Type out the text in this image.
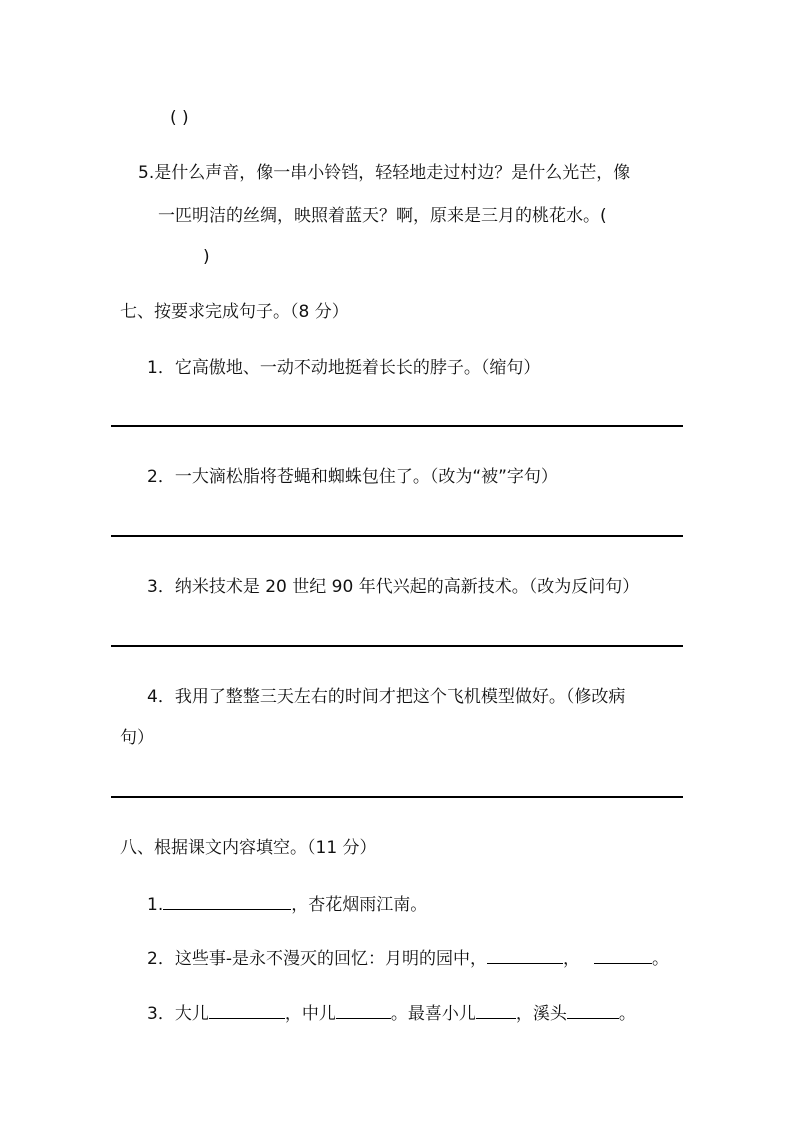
( )
5.是什么声音，像一串小铃铛，轻轻地走过村边？是什么光芒，像
一匹明洁的丝绸，映照着蓝天？啊，原来是三月的桃花水。(
)
七、按要求完成句子。（8 分）
1．它高傲地、一动不动地挺着长长的脖子。（缩句）
2．一大滴松脂将苍蝇和蜘蛛包住了。（改为“被”字句）
3．纳米技术是 20 世纪 90 年代兴起的高新技术。（改为反问句）
4．我用了整整三天左右的时间才把这个飞机模型做好。（修改病
句）
八、根据课文内容填空。（11 分）
1.	，杏花烟雨江南。
2．这些事-是永不漫灭的回忆：月明的园中，	，	。
3．大儿	，中儿	。最喜小儿 ，溪头	。
